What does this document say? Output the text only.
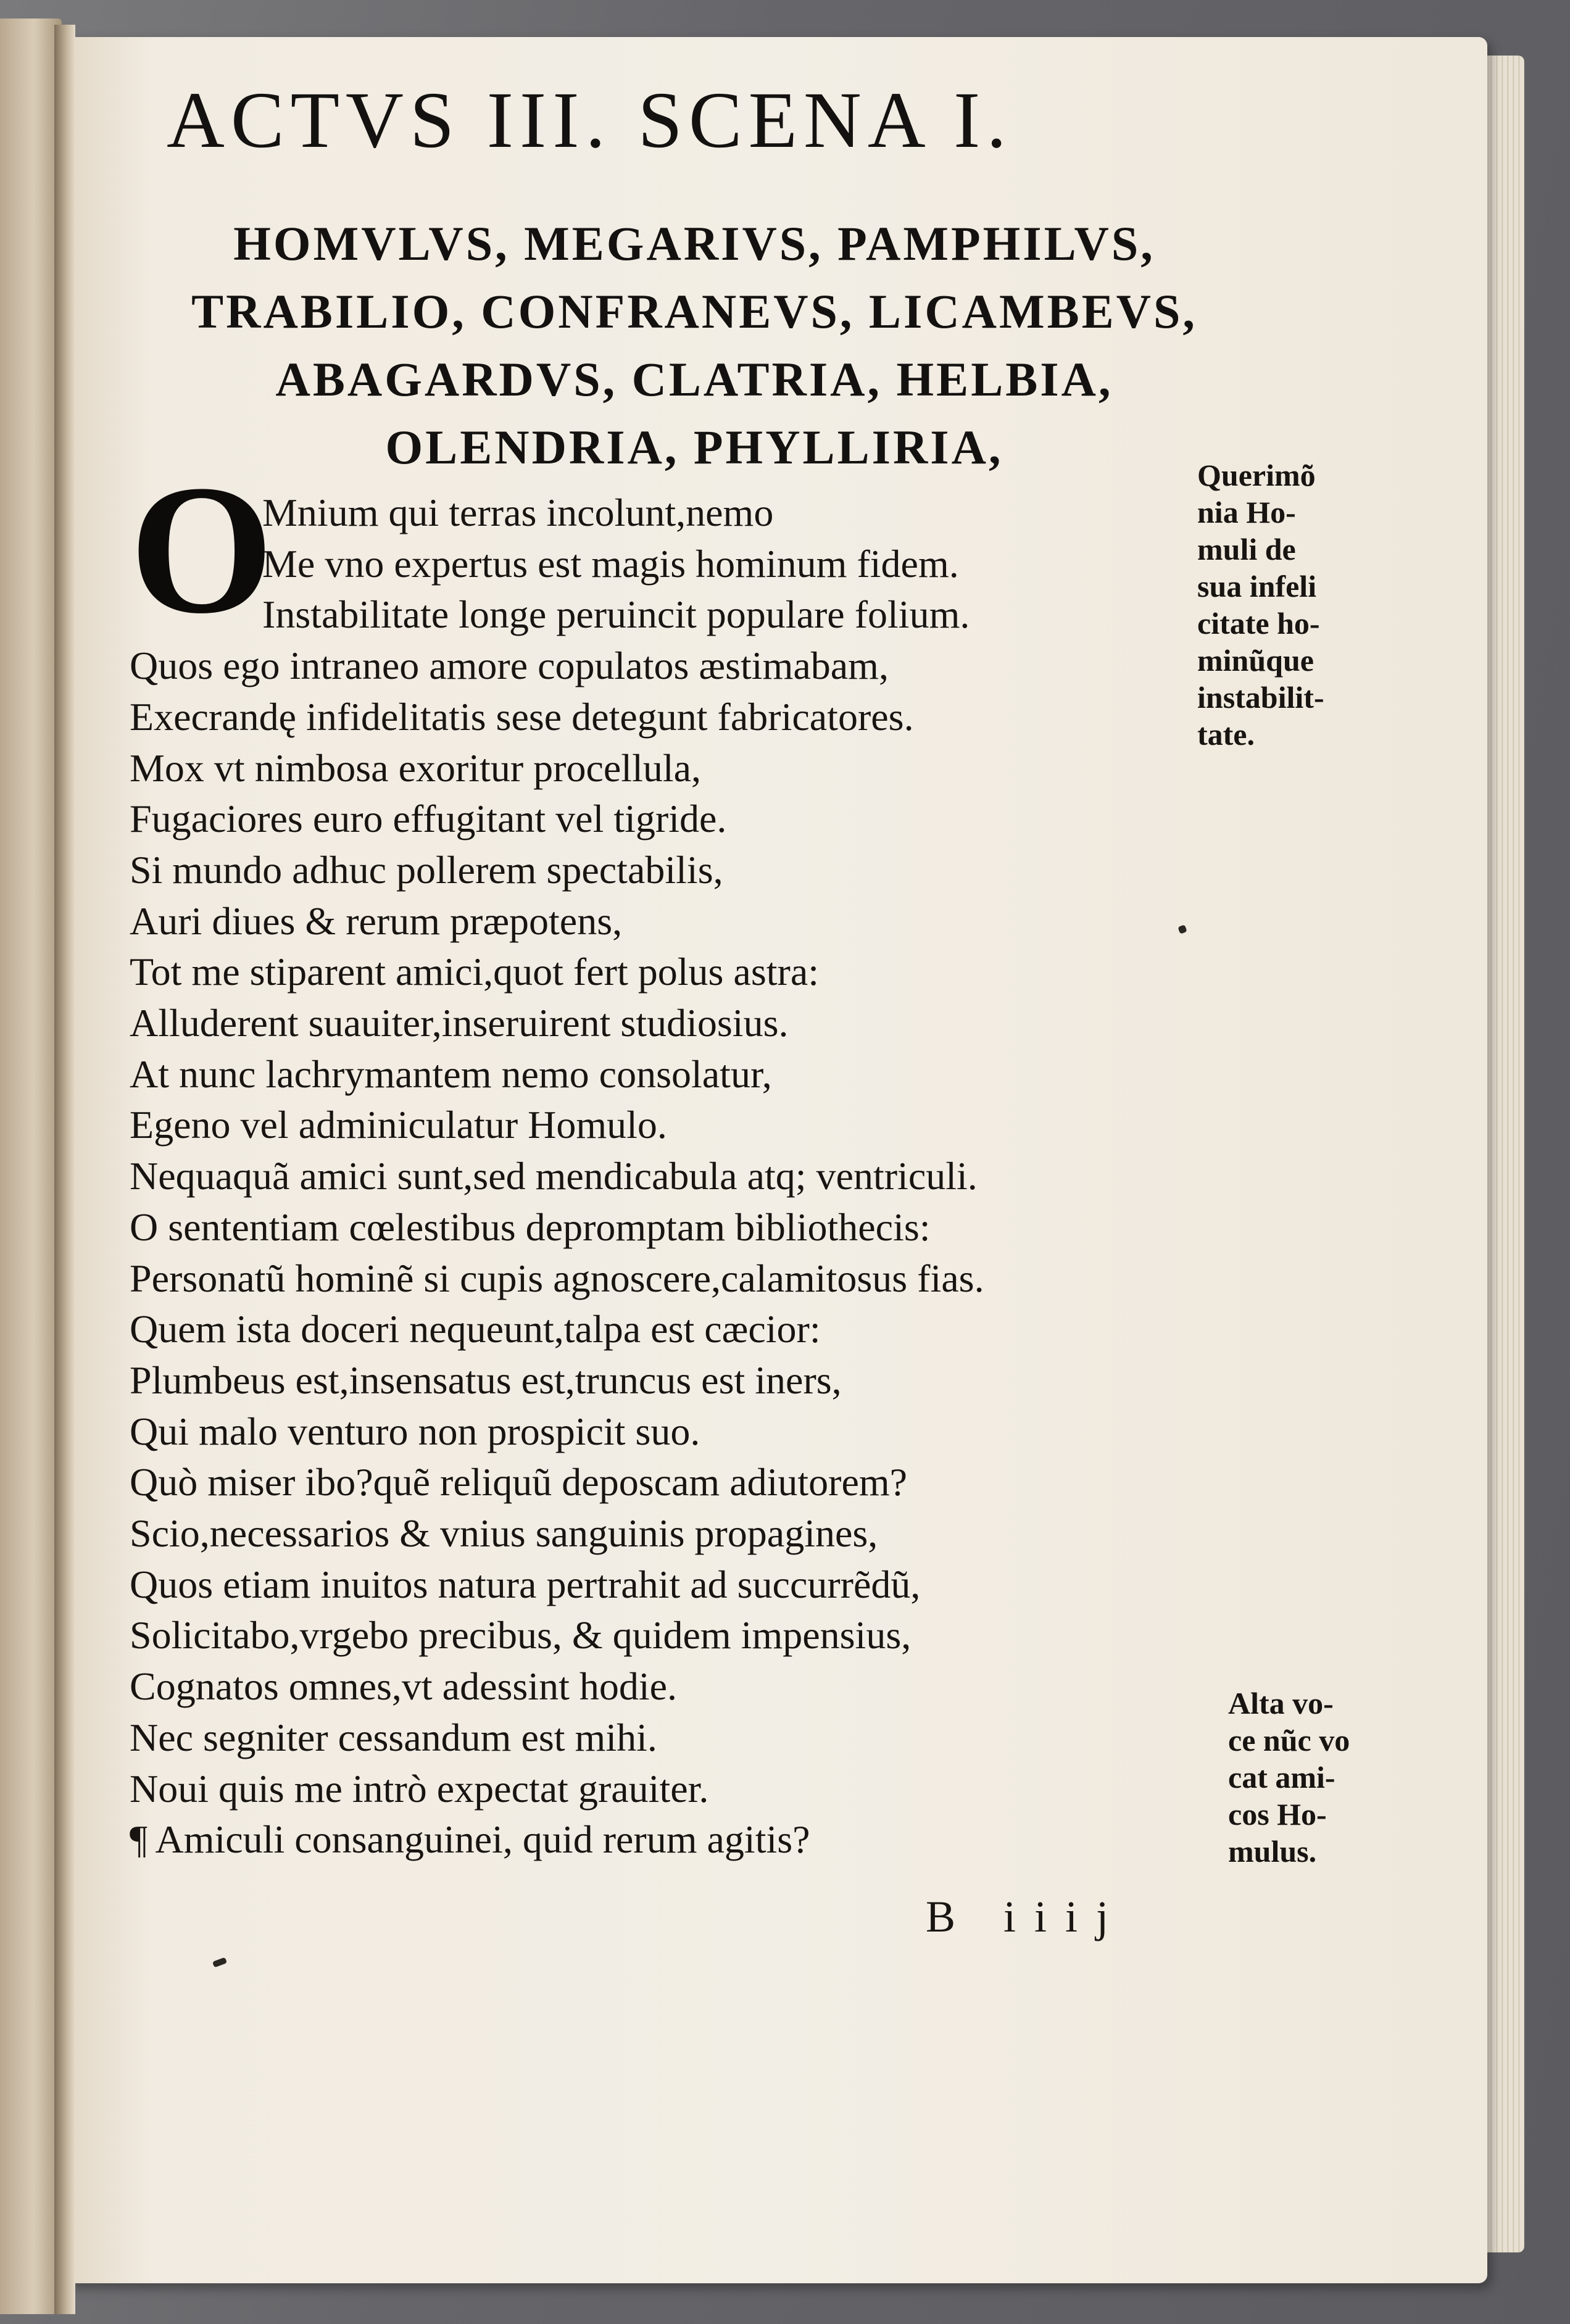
ACTVS III. SCENA I.
HOMVLVS, MEGARIVS, PAMPHILVS,
TRABILIO, CONFRANEVS, LICAMBEVS,
ABAGARDVS, CLATRIA, HELBIA,
OLENDRIA, PHYLLIRIA,
O
Mnium qui terras incolunt,nemo
Me vno expertus est magis hominum fidem.
Instabilitate longe peruincit populare folium.
Quos ego intraneo amore copulatos æstimabam,
Execrandę infidelitatis sese detegunt fabricatores.
Mox vt nimbosa exoritur procellula,
Fugaciores euro effugitant vel tigride.
Si mundo adhuc pollerem spectabilis,
Auri diues & rerum præpotens,
Tot me stiparent amici,quot fert polus astra:
Alluderent suauiter,inseruirent studiosius.
At nunc lachrymantem nemo consolatur,
Egeno vel adminiculatur Homulo.
Nequaquã amici sunt,sed mendicabula atq; ventriculi.
O sententiam cœlestibus depromptam bibliothecis:
Personatũ hominẽ si cupis agnoscere,calamitosus fias.
Quem ista doceri nequeunt,talpa est cæcior:
Plumbeus est,insensatus est,truncus est iners,
Qui malo venturo non prospicit suo.
Quò miser ibo?quẽ reliquũ deposcam adiutorem?
Scio,necessarios & vnius sanguinis propagines,
Quos etiam inuitos natura pertrahit ad succurrẽdũ,
Solicitabo,vrgebo precibus, & quidem impensius,
Cognatos omnes,vt adessint hodie.
Nec segniter cessandum est mihi.
Noui quis me intrò expectat grauiter.
¶ Amiculi consanguinei, quid rerum agitis?
Querimõ
nia Ho-
muli de
sua infeli
citate ho-
minũque
instabilit-
tate.
Alta vo-
ce nũc vo
cat ami-
cos Ho-
mulus.
B iiij
